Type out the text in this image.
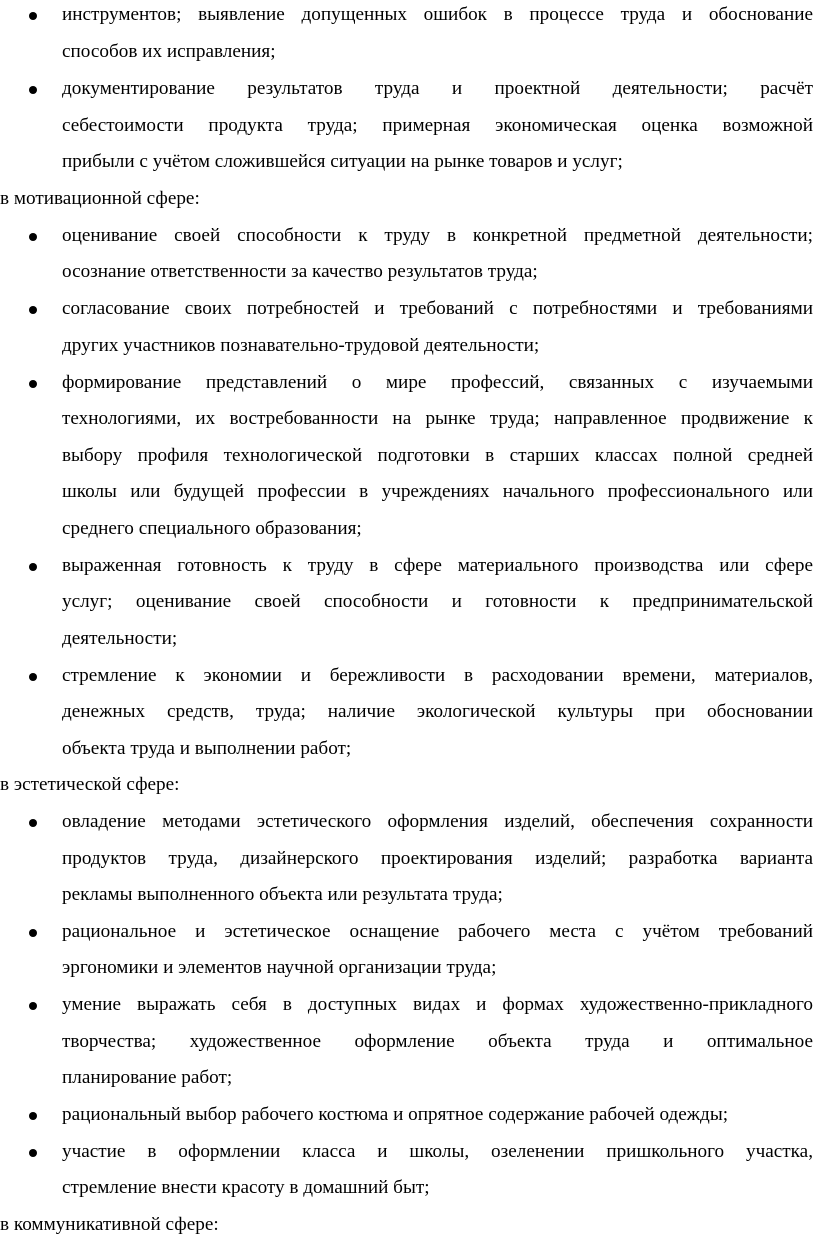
инструментов; выявление допущенных ошибок в процессе труда и обоснование
способов их исправления;
документирование результатов труда и проектной деятельности; расчёт
себестоимости продукта труда; примерная экономическая оценка возможной
прибыли с учётом сложившейся ситуации на рынке товаров и услуг;
в мотивационной сфере:
оценивание своей способности к труду в конкретной предметной деятельности;
осознание ответственности за качество результатов труда;
согласование своих потребностей и требований с потребностями и требованиями
других участников познавательно-трудовой деятельности;
формирование представлений о мире профессий, связанных с изучаемыми
технологиями, их востребованности на рынке труда; направленное продвижение к
выбору профиля технологической подготовки в старших классах полной средней
школы или будущей профессии в учреждениях начального профессионального или
среднего специального образования;
выраженная готовность к труду в сфере материального производства или сфере
услуг; оценивание своей способности и готовности к предпринимательской
деятельности;
стремление к экономии и бережливости в расходовании времени, материалов,
денежных средств, труда; наличие экологической культуры при обосновании
объекта труда и выполнении работ;
в эстетической сфере:
овладение методами эстетического оформления изделий, обеспечения сохранности
продуктов труда, дизайнерского проектирования изделий; разработка варианта
рекламы выполненного объекта или результата труда;
рациональное и эстетическое оснащение рабочего места с учётом требований
эргономики и элементов научной организации труда;
умение выражать себя в доступных видах и формах художественно-прикладного
творчества; художественное оформление объекта труда и оптимальное
планирование работ;
рациональный выбор рабочего костюма и опрятное содержание рабочей одежды;
участие в оформлении класса и школы, озеленении пришкольного участка,
стремление внести красоту в домашний быт;
в коммуникативной сфере:
